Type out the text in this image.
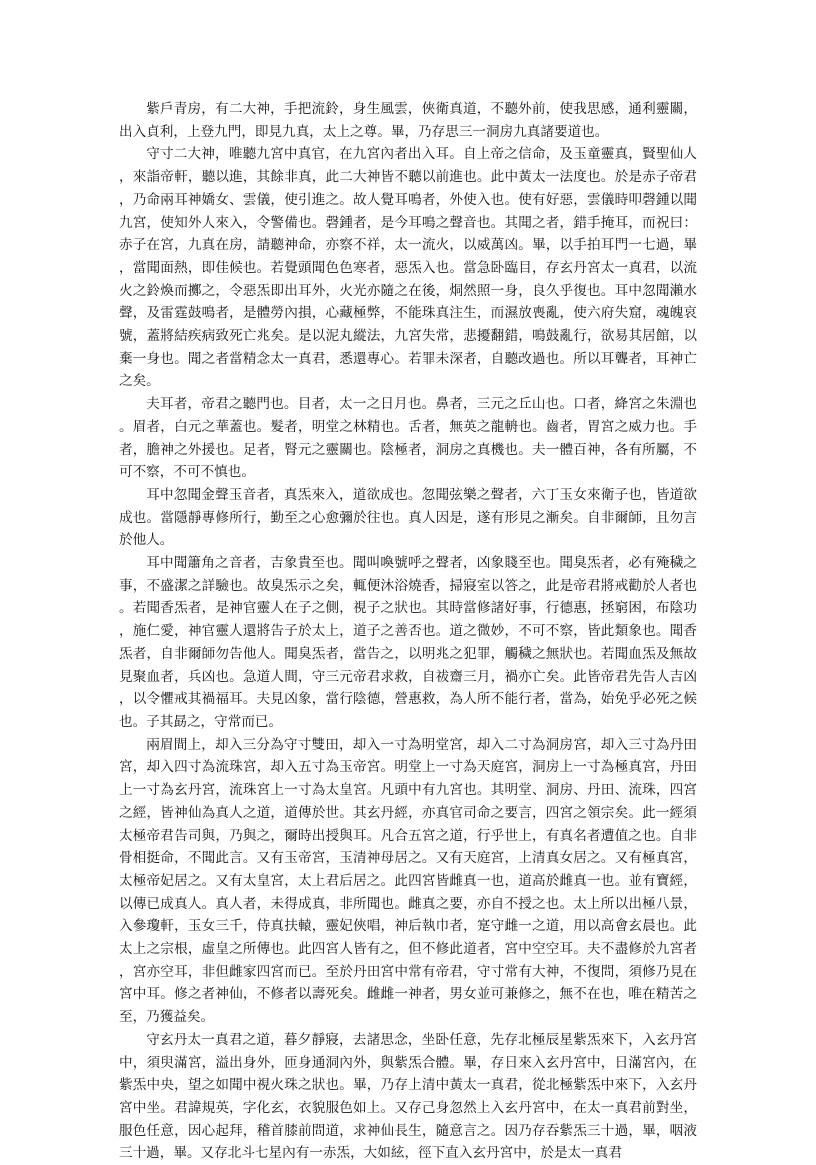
紫戶青房，有二大神，手把流鈴，身生風雲，俠衛真道，不聽外前，使我思感，通利靈關，出入貞利，上登九門，即見九真，太上之尊。畢，乃存思三一洞房九真諸要道也。

守寸二大神，唯聽九宮中真官，在九宮內者出入耳。自上帝之信命，及玉童靈真，賢聖仙人，來詣帝軒，聽以進，其餘非真，此二大神皆不聽以前進也。此中黃太一法度也。於是赤子帝君，乃命兩耳神嬌女、雲儀，使引進之。故人覺耳鳴者，外使入也。使有好惡，雲儀時叩磬鍾以聞九宮，使知外人來入，令警備也。磬鍾者，是今耳鳴之聲音也。其聞之者，錯手掩耳，而祝曰：赤子在宮，九真在房，請聽神命，亦察不祥，太一流火，以威萬凶。畢，以手拍耳門一七過，畢，當聞面熱，即佳候也。若覺頭聞色色寒者，惡炁入也。當急卧臨目，存玄丹宮太一真君，以流火之鈴煥而擲之，令惡炁即出耳外，火光亦隨之在後，烔然照一身，良久乎復也。耳中忽聞瀨水聲，及雷霆鼓鳴者，是體勞內損，心藏極弊，不能珠真注生，而濕放喪亂，使六府失窟，魂魄哀號，蓋將結疾病致死亡兆矣。是以泥丸縱法，九宮失常，悲擾翻錯，鳴鼓亂行，欲易其居館，以棄一身也。聞之者當精念太一真君，悉還專心。若罪未深者，自聽改過也。所以耳聾者，耳神亡之矣。

夫耳者，帝君之聽門也。目者，太一之日月也。鼻者，三元之丘山也。口者，絳宮之朱淵也。眉者，白元之華蓋也。髮者，明堂之林精也。舌者，無英之龍輈也。齒者，胃宮之威力也。手者，膽神之外援也。足者，腎元之靈關也。陰極者，洞房之真機也。夫一體百神，各有所屬，不可不察，不可不慎也。

耳中忽聞金聲玉音者，真炁來入，道欲成也。忽聞弦樂之聲者，六丁玉女來衛子也，皆道欲成也。當隱靜專修所行，勤至之心愈彌於往也。真人因是，遂有形見之漸矣。自非爾師，且勿言於他人。

耳中聞簫角之音者，吉象貴至也。聞叫喚號呼之聲者，凶象賤至也。聞臭炁者，必有殗穢之事，不盛潔之詳驗也。故臭炁示之矣，輒便沐浴燒香，掃寢室以答之，此是帝君將戒勸於人者也。若聞香炁者，是神官靈人在子之側，視子之狀也。其時當修諸好事，行德惠，拯窮困，布陰功，施仁愛，神官靈人還將告子於太上，道子之善否也。道之微妙，不可不察，皆此類象也。聞香炁者，自非爾師勿告他人。聞臭炁者，當告之，以明兆之犯罪，觸穢之無狀也。若聞血炁及無故見聚血者，兵凶也。急道人間，守三元帝君求救，自祓齋三月，禍亦亡矣。此皆帝君先告人吉凶，以令懼戒其禍福耳。夫見凶象，當行陰德，營惠救，為人所不能行者，當為，始免乎必死之候也。子其勗之，守常而已。

兩眉間上，却入三分為守寸雙田，却入一寸為明堂宮，却入二寸為洞房宮，却入三寸為丹田宮，却入四寸為流珠宮，却入五寸為玉帝宮。明堂上一寸為天庭宮，洞房上一寸為極真宮，丹田上一寸為玄丹宮，流珠宮上一寸為太皇宮。凡頭中有九宮也。其明堂、洞房、丹田、流珠，四宮之經，皆神仙為真人之道，道傳於世。其玄丹經，亦真官司命之要言，四宮之領宗矣。此一經須太極帝君告司與，乃與之，爾時出授與耳。凡合五宮之道，行乎世上，有真名者遭值之也。自非骨相挺命，不聞此言。又有玉帝宮，玉清神母居之。又有天庭宮，上清真女居之。又有極真宮，太極帝妃居之。又有太皇宮，太上君后居之。此四宮皆雌真一也，道高於雌真一也。並有寶經，以傳已成真人。真人者，未得成真，非所聞也。雌真之要，亦自不授之也。太上所以出極八景，入參瓊軒，玉女三千，侍真扶轅，靈妃俠唱，神后執巾者，寔守雌一之道，用以高會玄晨也。此太上之宗根，虛皇之所傳也。此四宮人皆有之，但不修此道者，宮中空空耳。夫不盡修於九宮者，宮亦空耳，非但雌家四宮而已。至於丹田宮中常有帝君，守寸常有大神，不復問，須修乃見在宮中耳。修之者神仙，不修者以壽死矣。雌雌一神者，男女並可兼修之，無不在也，唯在精苦之至，乃獲益矣。

守玄丹太一真君之道，暮夕靜寢，去諸思念，坐卧任意，先存北極辰星紫炁來下，入玄丹宮中，須臾滿宮，溢出身外，匝身通洞內外，與紫炁合體。畢，存日來入玄丹宮中，日滿宮內，在紫炁中央，望之如聞中視火珠之狀也。畢，乃存上清中黃太一真君，從北極紫炁中來下，入玄丹宮中坐。君諱規英，字化玄，衣貌服色如上。又存己身忽然上入玄丹宮中，在太一真君前對坐，服色任意，因心起拜，稽首膝前問道，求神仙長生，隨意言之。因乃存吞紫炁三十過，畢，咽液三十過，畢。又存北斗七星內有一赤炁，大如絃，徑下直入玄丹宮中，於是太一真君
